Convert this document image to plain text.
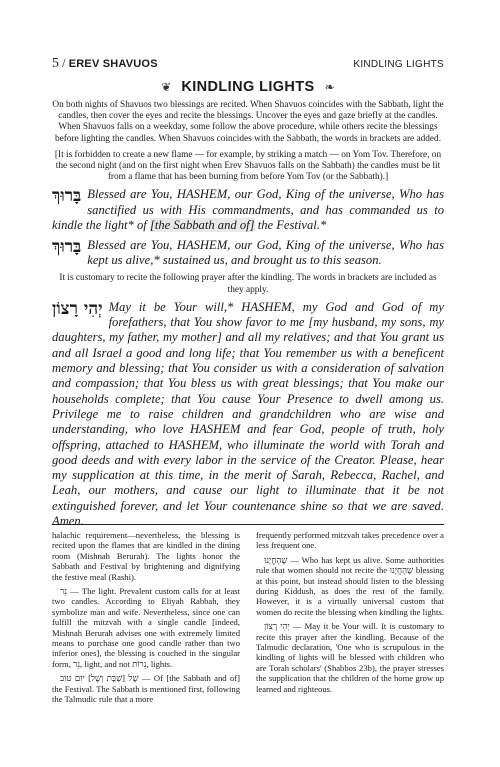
5 / EREV SHAVUOS	KINDLING LIGHTS
❦ KINDLING LIGHTS ❧

On both nights of Shavuos two blessings are recited. When Shavuos coincides with the Sabbath, light the candles, then cover the eyes and recite the blessings. Uncover the eyes and gaze briefly at the candles. When Shavuos falls on a weekday, some follow the above procedure, while others recite the blessings before lighting the candles. When Shavuos coincides with the Sabbath, the words in brackets are added.

[It is forbidden to create a new flame — for example, by striking a match — on Yom Tov. Therefore, on the second night (and on the first night when Erev Shavuos falls on the Sabbath) the candles must be lit from a flame that has been burning from before Yom Tov (or the Sabbath).]

בָּרוּךְ Blessed are You, HASHEM, our God, King of the universe, Who has sanctified us with His commandments, and has commanded us to kindle the light* of [the Sabbath and of] the Festival.*

בָּרוּךְ Blessed are You, HASHEM, our God, King of the universe, Who has kept us alive,* sustained us, and brought us to this season.

It is customary to recite the following prayer after the kindling. The words in brackets are included as they apply.

יְהִי רָצוֹן May it be Your will,* HASHEM, my God and God of my forefathers, that You show favor to me [my husband, my sons, my daughters, my father, my mother] and all my relatives; and that You grant us and all Israel a good and long life; that You remember us with a beneficent memory and blessing; that You consider us with a consideration of salvation and compassion; that You bless us with great blessings; that You make our households complete; that You cause Your Presence to dwell among us. Privilege me to raise children and grandchildren who are wise and understanding, who love HASHEM and fear God, people of truth, holy offspring, attached to HASHEM, who illuminate the world with Torah and good deeds and with every labor in the service of the Creator. Please, hear my supplication at this time, in the merit of Sarah, Rebecca, Rachel, and Leah, our mothers, and cause our light to illuminate that it be not extinguished forever, and let Your countenance shine so that we are saved. Amen.

halachic requirement—nevertheless, the blessing is recited upon the flames that are kindled in the dining room (Mishnah Berurah). The lights honor the Sabbath and Festival by brightening and dignifying the festive meal (Rashi).

נֵר — The light. Prevalent custom calls for at least two candles. According to Eliyah Rabbah, they symbolize man and wife. Nevertheless, since one can fulfill the mitzvah with a single candle [indeed, Mishnah Berurah advises one with extremely limited means to purchase one good candle rather than two inferior ones], the blessing is couched in the singular form, נֵר, light, and not נֵרוֹת, lights.

שֶׁל [שַׁבָּת וְשֶׁל] יוֹם טוֹב — Of [the Sabbath and of] the Festival. The Sabbath is mentioned first, following the Talmudic rule that a more

frequently performed mitzvah takes precedence over a less frequent one.

שֶׁהֶחֱיָנוּ — Who has kept us alive. Some authorities rule that women should not recite the שֶׁהֶחֱיָנוּ blessing at this point, but instead should listen to the blessing during Kiddush, as does the rest of the family. However, it is a virtually universal custom that women do recite the blessing when kindling the lights.

יְהִי רָצוֹן — May it be Your will. It is customary to recite this prayer after the kindling. Because of the Talmudic declaration, 'One who is scrupulous in the kindling of lights will be blessed with children who are Torah scholars' (Shabbos 23b), the prayer stresses the supplication that the children of the home grow up learned and righteous.
